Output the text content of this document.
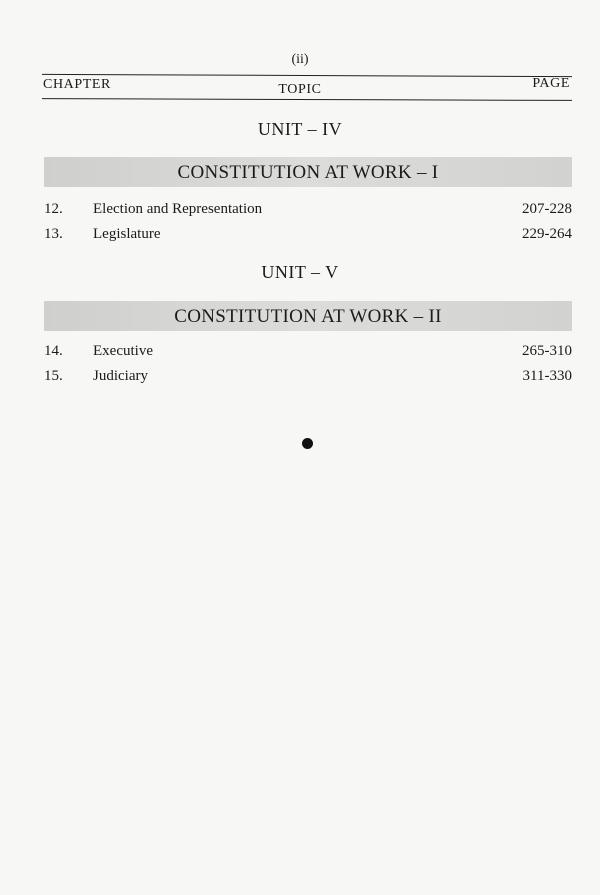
(ii)
CHAPTER	TOPIC	PAGE
UNIT – IV
CONSTITUTION AT WORK – I
12. Election and Representation	207-228
13. Legislature	229-264
UNIT – V
CONSTITUTION AT WORK – II
14. Executive	265-310
15. Judiciary	311-330
